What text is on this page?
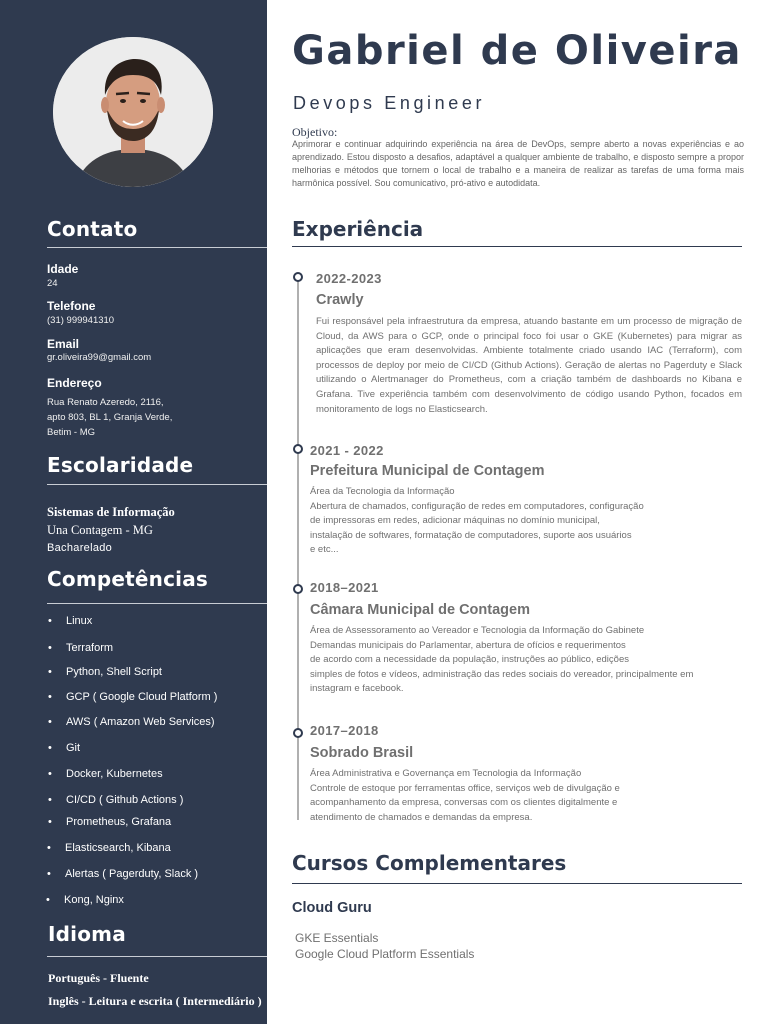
Contato
Idade
24
Telefone
(31) 999941310
Email
gr.oliveira99@gmail.com
Endereço
Rua Renato Azeredo, 2116,
apto 803, BL 1, Granja Verde,
Betim - MG
Escolaridade
Sistemas de Informação
Una Contagem - MG
Bacharelado
Competências
• Linux
• Terraform
• Python, Shell Script
• GCP ( Google Cloud Platform )
• AWS ( Amazon Web Services)
• Git
• Docker, Kubernetes
• CI/CD ( Github Actions )
• Prometheus, Grafana
• Elasticsearch, Kibana
• Alertas ( Pagerduty, Slack )
• Kong, Nginx
Idioma
Português - Fluente
Inglês - Leitura e escrita ( Intermediário )
Gabriel de Oliveira
Devops Engineer
Objetivo:
Aprimorar e continuar adquirindo experiência na área de DevOps, sempre aberto a novas experiências e ao aprendizado. Estou disposto a desafios, adaptável a qualquer ambiente de trabalho, e disposto sempre a propor melhorias e métodos que tornem o local de trabalho e a maneira de realizar as tarefas de uma forma mais harmônica possível. Sou comunicativo, pró-ativo e autodidata.
Experiência
2022-2023
Crawly
Fui responsável pela infraestrutura da empresa, atuando bastante em um processo de migração de Cloud, da AWS para o GCP, onde o principal foco foi usar o GKE (Kubernetes) para migrar as aplicações que eram desenvolvidas. Ambiente totalmente criado usando IAC (Terraform), com processos de deploy por meio de CI/CD (Github Actions). Geração de alertas no Pagerduty e Slack utilizando o Alertmanager do Prometheus, com a criação também de dashboards no Kibana e Grafana. Tive experiência também com desenvolvimento de código usando Python, focados em monitoramento de logs no Elasticsearch.
2021 - 2022
Prefeitura Municipal de Contagem
Área da Tecnologia da Informação
Abertura de chamados, configuração de redes em computadores, configuração
de impressoras em redes, adicionar máquinas no domínio municipal,
instalação de softwares, formatação de computadores, suporte aos usuários
e etc...
2018–2021
Câmara Municipal de Contagem
Área de Assessoramento ao Vereador e Tecnologia da Informação do Gabinete
Demandas municipais do Parlamentar, abertura de ofícios e requerimentos
de acordo com a necessidade da população, instruções ao público, edições
simples de fotos e vídeos, administração das redes sociais do vereador, principalmente em
instagram e facebook.
2017–2018
Sobrado Brasil
Área Administrativa e Governança em Tecnologia da Informação
Controle de estoque por ferramentas office, serviços web de divulgação e
acompanhamento da empresa, conversas com os clientes digitalmente e
atendimento de chamados e demandas da empresa.
Cursos Complementares
Cloud Guru
GKE Essentials
Google Cloud Platform Essentials
